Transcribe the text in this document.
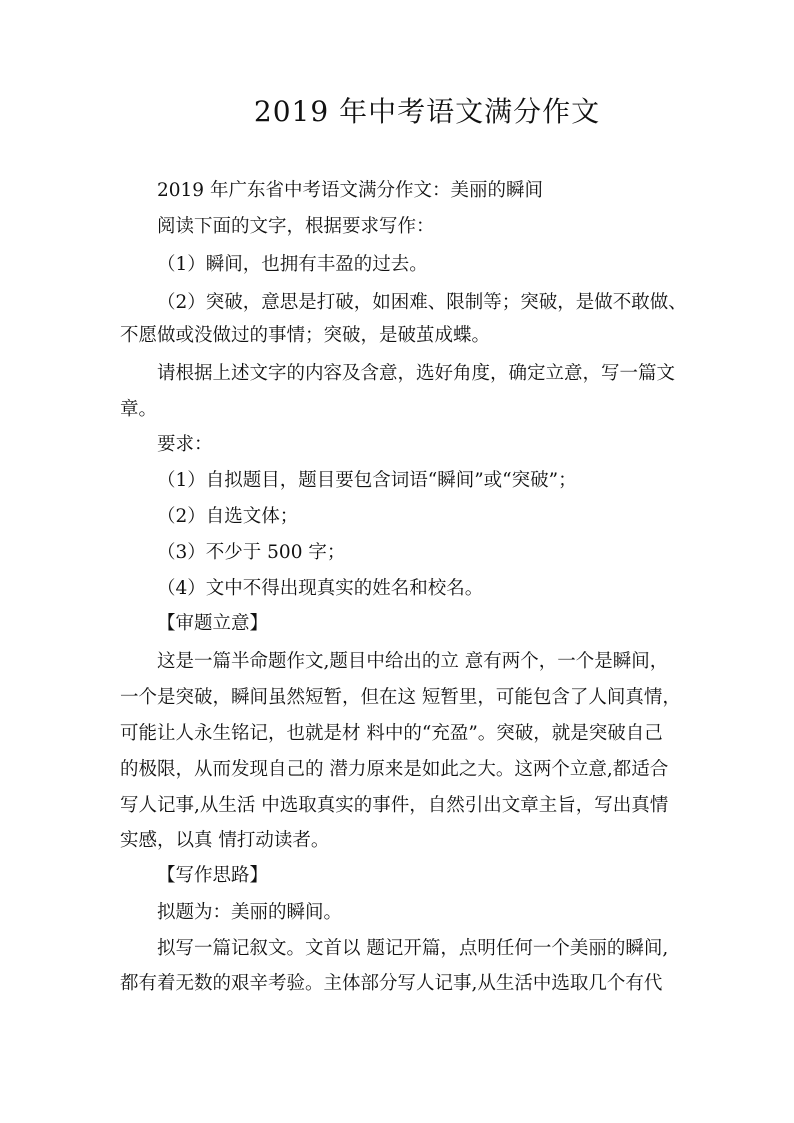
2019 年中考语文满分作文
2019 年广东省中考语文满分作文：美丽的瞬间
阅读下面的文字，根据要求写作：
（1）瞬间，也拥有丰盈的过去。
（2）突破，意思是打破，如困难、限制等；突破，是做不敢做、
不愿做或没做过的事情；突破，是破茧成蝶。
请根据上述文字的内容及含意，选好角度，确定立意，写一篇文
章。
要求：
（1）自拟题目，题目要包含词语“瞬间”或“突破”；
（2）自选文体；
（3）不少于 500 字；
（4）文中不得出现真实的姓名和校名。
【审题立意】
这是一篇半命题作文,题目中给出的立 意有两个，一个是瞬间，
一个是突破，瞬间虽然短暂，但在这 短暂里，可能包含了人间真情，
可能让人永生铭记，也就是材 料中的“充盈”。突破，就是突破自己
的极限，从而发现自己的 潜力原来是如此之大。这两个立意,都适合
写人记事,从生活 中选取真实的事件，自然引出文章主旨，写出真情
实感，以真 情打动读者。
【写作思路】
拟题为：美丽的瞬间。
拟写一篇记叙文。文首以 题记开篇，点明任何一个美丽的瞬间,
都有着无数的艰辛考验。主体部分写人记事,从生活中选取几个有代
